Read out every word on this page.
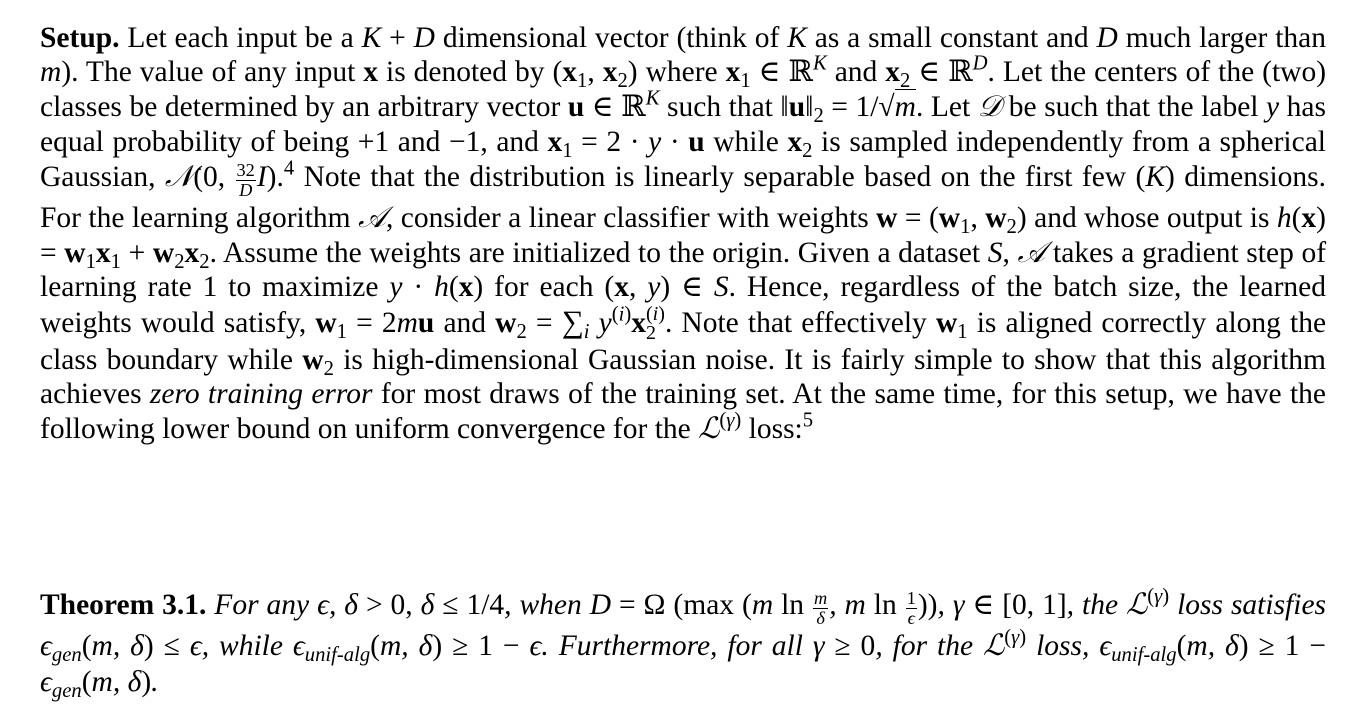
Setup. Let each input be a K + D dimensional vector (think of K as a small constant and D much larger than m). The value of any input x is denoted by ($x_1$, $x_2$) where $x_1$ ∈ ℝ$^K$ and $x_2$ ∈ ℝ$^D$. Let the centers of the (two) classes be determined by an arbitrary vector u ∈ ℝ$^K$ such that $‖u‖_2 = 1/√m$. Let 𝒟 be such that the label y has equal probability of being +1 and −1, and $x_1 = 2 \cdot y \cdot u$ while $x_2$ is sampled independently from a spherical Gaussian, 𝒩(0, $\frac{32}{D} I).^4$ Note that the distribution is linearly separable based on the first few (K) dimensions. For the learning algorithm 𝒜, consider a linear classifier with weights $w = (w_1$, $w_2$) and whose output is $h(x) = w_1x_1 + w_2x_2$. Assume the weights are initialized to the origin. Given a dataset S, 𝒜 takes a gradient step of learning rate 1 to maximize y · h(x) for each (x, y) ∈ S. Hence, regardless of the batch size, the learned weights would satisfy, $w_1 = 2mu$ and $w_2 = \sum_i$ $y^{(i)}x$ (i)
2 . Note that effectively $w_1$ is aligned correctly along the class boundary while $w_2$ is high-dimensional Gaussian noise. It is fairly simple to show that this algorithm achieves zero training error for most draws of the training set. At the same time, for this setup, we have the following lower bound on uniform convergence for the ℒ$^{(\gamma)}$ loss:$^5$
Theorem 3.1. For any ϵ, δ > 0, δ ≤ 1/4, when D = Ω (max (m $\ln \frac{m}{\delta}$ , m $\ln \frac{1}{\epsilon}$ )), γ ∈ [0, 1], the ℒ$^{(\gamma)}$ loss satisfies $\epsilon_{gen}(m$, δ) ≤ ϵ, while $\epsilon_{unif-alg}(m$, δ) ≥ 1 − ϵ. Furthermore, for all γ ≥ 0, for the ℒ$^{(\gamma)}$ loss, $\epsilon_{unif-alg}(m$, $\delta) \ge 1 - \epsilon_{gen}(m$, δ).
